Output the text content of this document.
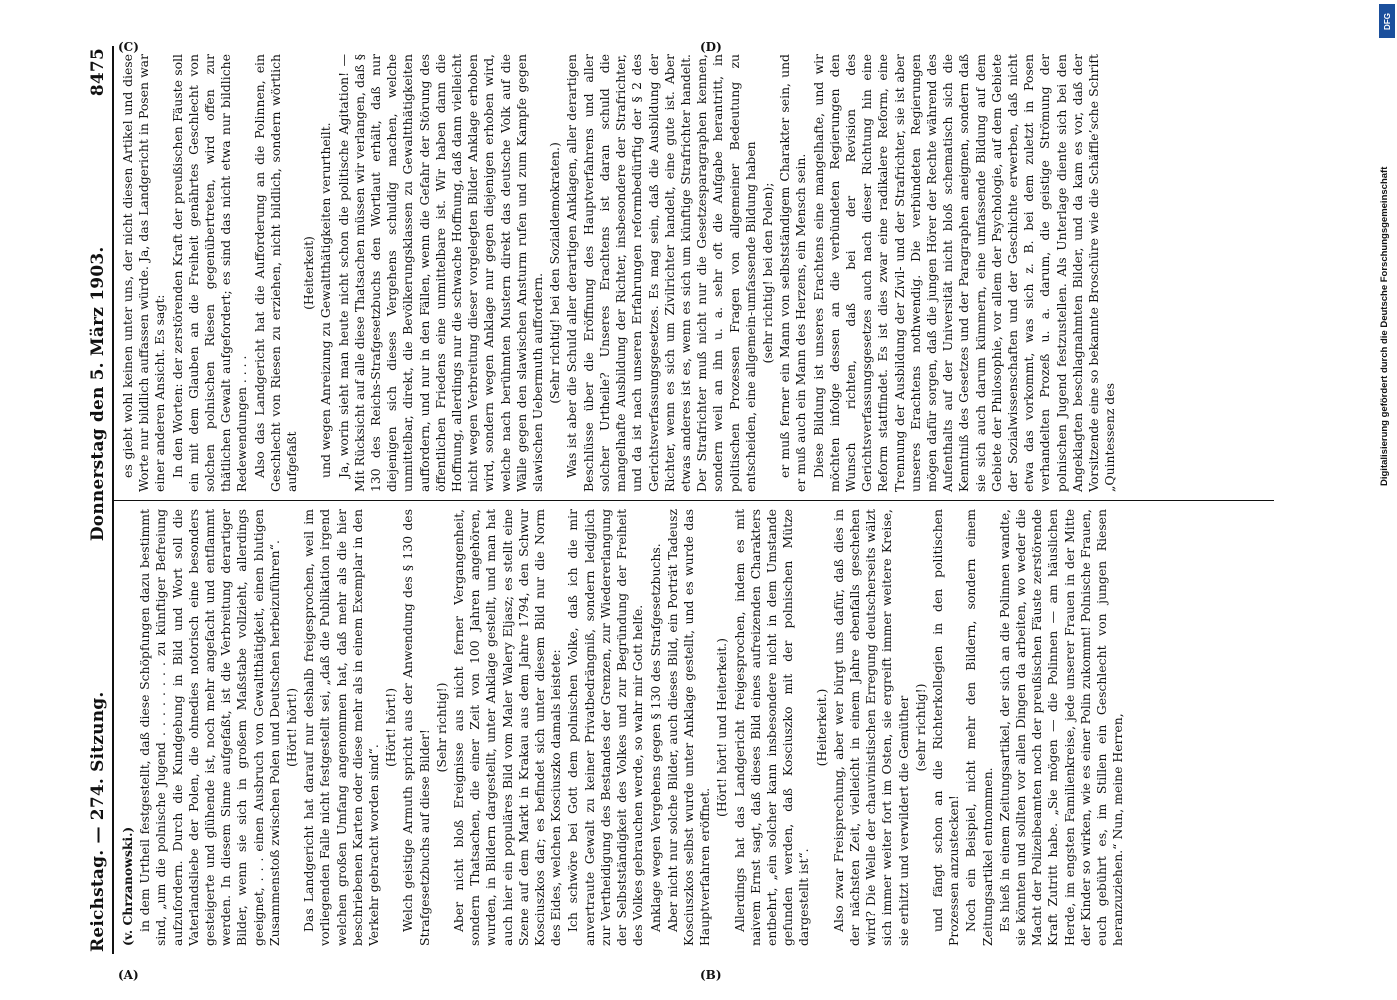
Reichstag. — 274. Sitzung.
Donnerstag den 5. März 1903.
8475

(v. Chrzanowski.) in dem Urtheil festgestellt, daß diese Schöpfungen dazu bestimmt sind, „um die polnische Jugend . . . . . . . . zu künftiger Befreiung aufzufordern. Durch die Kundgebung in Bild und Wort soll die Vaterlandsliebe der Polen, die ohnedies notorisch eine besonders gesteigerte und glühende ist, noch mehr angefacht und entflammt werden. In diesem Sinne aufgefaßt, ist die Verbreitung derartiger Bilder, wenn sie sich in großem Maßstabe vollzieht, allerdings geeignet, . . . einen Ausbruch von Gewaltthätigkeit, einen blutigen Zusammenstoß zwischen Polen und Deutschen herbeizuführen“. (Hört! hört!) Das Landgericht hat darauf nur deshalb freigesprochen, weil im vorliegenden Falle nicht festgestellt sei, „daß die Publikation irgend welchen großen Umfang angenommen hat, daß mehr als die hier beschriebenen Karten oder diese mehr als in einem Exemplar in den Verkehr gebracht worden sind“.

(Hört! hört!) Welch geistige Armuth spricht aus der Anwendung des § 130 des Strafgesetzbuchs auf diese Bilder!

(Sehr richtig!) Aber nicht bloß Ereignisse aus nicht ferner Vergangenheit, sondern Thatsachen, die einer Zeit von 100 Jahren angehören, wurden, in Bildern dargestellt, unter Anklage gestellt, und man hat auch hier ein populäres Bild vom Maler Walery Eljasz; es stellt eine Szene auf dem Markt in Krakau aus dem Jahre 1794, den Schwur Kosciuszkos dar; es befindet sich unter diesem Bild nur die Norm des Eides, welchen Kosciuszko damals leistete: Ich schwöre bei Gott dem polnischen Volke, daß ich die mir anvertraute Gewalt zu keiner Privatbedrängniß, sondern lediglich zur Vertheidigung des Bestandes der Grenzen, zur Wiedererlangung der Selbstständigkeit des Volkes und zur Begründung der Freiheit des Volkes gebrauchen werde, so wahr mir Gott helfe. Anklage wegen Vergehens gegen § 130 des Strafgesetzbuchs. Aber nicht nur solche Bilder, auch dieses Bild, ein Porträt Tadeusz Kosciuszkos selbst wurde unter Anklage gestellt, und es wurde das Hauptverfahren eröffnet.

(Hört! hört! und Heiterkeit.) Allerdings hat das Landgericht freigesprochen, indem es mit naivem Ernst sagt, daß dieses Bild eines aufreizenden Charakters entbehrt, „ein solcher kann insbesondere nicht in dem Umstande gefunden werden, daß Kosciuszko mit der polnischen Mütze dargestellt ist“.

(Heiterkeit.) Also zwar Freisprechung, aber wer bürgt uns dafür, daß dies in der nächsten Zeit, vielleicht in einem Jahre ebenfalls geschehen wird? Die Welle der chauvinistischen Erregung deutscherseits wälzt sich immer weiter fort im Osten, sie ergreift immer weitere Kreise, sie erhitzt und verwildert die Gemüther (sehr richtig!) und fängt schon an die Richterkollegien in den politischen Prozessen anzustecken! Noch ein Beispiel, nicht mehr den Bildern, sondern einem Zeitungsartikel entnommen. Es hieß in einem Zeitungsartikel, der sich an die Polinnen wandte, sie könnten und sollten vor allen Dingen da arbeiten, wo weder die Macht der Polizeibeamten noch der preußischen Fäuste zerstörende Kraft Zutritt habe. „Sie mögen — die Polinnen — am häuslichen Herde, im engsten Familienkreise, jede unserer Frauen in der Mitte der Kinder so wirken, wie es einer Polin zukommt! Polnische Frauen, euch gebührt es, im Stillen ein Geschlecht von jungen Riesen heranzuziehen.“ Nun, meine Herren,

es giebt wohl keinen unter uns, der nicht diesen Artikel und diese Worte nur bildlich auffassen würde. Ja, das Landgericht in Posen war einer anderen Ansicht. Es sagt: In den Worten: der zerstörenden Kraft der preußischen Fäuste soll ein mit dem Glauben an die Freiheit genährtes Geschlecht von solchen polnischen Riesen gegenübertreten, wird offen zur thätlichen Gewalt aufgefordert; es sind das nicht etwa nur bildliche Redewendungen . . . . Also das Landgericht hat die Aufforderung an die Polinnen, ein Geschlecht von Riesen zu erziehen, nicht bildlich, sondern wörtlich aufgefaßt

(Heiterkeit) und wegen Anreizung zu Gewaltthätigkeiten verurtheilt. Ja, worin sieht man heute nicht schon die politische Agitation! — Mit Rücksicht auf alle diese Thatsachen müssen wir verlangen, daß § 130 des Reichs-Strafgesetzbuchs den Wortlaut erhält, daß nur diejenigen sich dieses Vergehens schuldig machen, welche unmittelbar, direkt, die Bevölkerungsklassen zu Gewaltthätigkeiten auffordern, und nur in den Fällen, wenn die Gefahr der Störung des öffentlichen Friedens eine unmittelbare ist. Wir haben dann die Hoffnung, allerdings nur die schwache Hoffnung, daß dann vielleicht nicht wegen Verbreitung dieser vorgelegten Bilder Anklage erhoben wird, sondern wegen Anklage nur gegen diejenigen erhoben wird, welche nach berühmten Mustern direkt das deutsche Volk auf die Wälle gegen den slawischen Ansturm rufen und zum Kampfe gegen slawischen Uebermuth auffordern. (Sehr richtig! bei den Sozialdemokraten.) Was ist aber die Schuld aller derartigen Anklagen, aller derartigen Beschlüsse über die Eröffnung des Hauptverfahrens und aller solcher Urtheile? Unseres Erachtens ist daran schuld die mangelhafte Ausbildung der Richter, insbesondere der Strafrichter, und da ist nach unseren Erfahrungen reformbedürftig der § 2 des Gerichtsverfassungsgesetzes. Es mag sein, daß die Ausbildung der Richter, wenn es sich um Zivilrichter handelt, eine gute ist. Aber etwas anderes ist es, wenn es sich um künftige Strafrichter handelt. Der Strafrichter muß nicht nur die Gesetzesparagraphen kennen, sondern weil an ihn u. a. sehr oft die Aufgabe herantritt, in politischen Prozessen Fragen von allgemeiner Bedeutung zu entscheiden, eine allgemein-umfassende Bildung haben (sehr richtig! bei den Polen); er muß ferner ein Mann von selbstständigem Charakter sein, und er muß auch ein Mann des Herzens, ein Mensch sein. Diese Bildung ist unseres Erachtens eine mangelhafte, und wir möchten infolge dessen an die verbündeten Regierungen den Wunsch richten, daß bei der Revision des Gerichtsverfassungsgesetzes auch nach dieser Richtung hin eine Reform stattfindet. Es ist dies zwar eine radikalere Reform, eine Trennung der Ausbildung der Zivil- und der Strafrichter, sie ist aber unseres Erachtens nothwendig. Die verbündeten Regierungen mögen dafür sorgen, daß die jungen Hörer der Rechte während des Aufenthalts auf der Universität nicht bloß schematisch sich die Kenntniß des Gesetzes und der Paragraphen aneignen, sondern daß sie sich auch darum kümmern, eine umfassende Bildung auf dem Gebiete der Philosophie, vor allem der Psychologie, auf dem Gebiete der Sozialwissenschaften und der Geschichte erwerben, daß nicht etwa das vorkommt, was sich z. B. bei dem zuletzt in Posen verhandelten Prozeß u. a. darum, die geistige Strömung der polnischen Jugend festzustellen. Als Unterlage diente sich bei den Angeklagten beschlagnahmten Bilder, und da kam es vor, daß der Vorsitzende eine so bekannte Broschüre wie die Schäffle’sche Schrift „Quintessenz des

(A)	(B)
(C)	(D)
DFG
Digitalisierung gefördert durch die Deutsche Forschungsgemeinschaft
